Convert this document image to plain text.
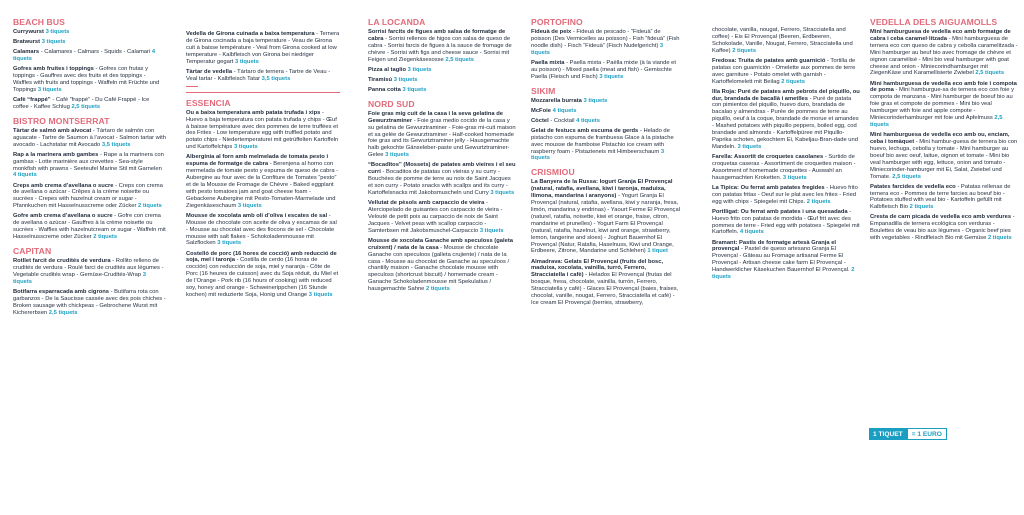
BEACH BUS
Currywurst 3 tiquets
Bratwurst 3 tiquets
Calamars - Calamares - Calmars - Squids - Calamari 4 tiquets
Gofres amb fruites i toppings - Gofres con frutas y toppings - Gauffres avec des fruits et des toppings - Waffles with fruits and toppings - Waffeln mit Früchte und Toppings 3 tiquets
Cafè “frappé” - Café “frappé” - Du Café Frappé - Ice coffee - Kaffee Schlug 2,5 tiquets
BISTRO MONTSERRAT
Tàrtar de salmó amb alvocat - Tártaro de salmón con aguacate - Tartre de Saumon à l’avocat - Salmon tartar with avocado - Lachstatar mit Avocado 3,5 tiquets
Rap a la marinera amb gambes - Rape a la marinera con gambas - Lotte marinière aux crevettes - Sea-style monkfish with prawns - Seeteufel Marine Stil mit Garnelen 4 tiquets
Creps amb crema d’avellana o sucre - Creps con crema de avellana o azúcar - Crêpes à la crème noisette ou sucrées - Crepes with hazelnut cream or sugar - Pfannkuchen mit Hasselnusscreme oder Zücker 2 tiquets
Gofre amb crema d’avellana o sucre - Gofre con crema de avellana o azúcar - Gauffres à la crème noisette ou sucrées - Waffles with hazelnutcream or sugar - Waffeln mit Hasselnusscreme oder Zücker 2 tiquets
CAPITAN
Rotllet farcit de crudités de verdura - Rollito relleno de crudités de verdura - Roulé farci de crudités aux légumes - Vegetable crudités wrap - Gemüse-Crudités-Wrap 3 tiquets
Botifarra esparracada amb cigrons - Butifarra rota con garbanzos - De la Saucisse cassée avec des pois chiches - Broken sausage with chickpeas - Gebrochene Wurst mit Kichererbsen 2,5 tiquets
Vedella de Girona cuinada a baixa temperatura - Ternera de Girona cocinada a baja temperature - Veau de Girona cuit à baisse température - Veal from Girona cooked at low temperature - Kalbfleisch von Girona bei niedriger Temperatur gegart 3 tiquets
Tàrtar de vedella - Tártaro de ternera - Tartre de Veau - Veal tartar - Kalbfleisch Tatar 3,5 tiquets
ESSENCIA
Ou a baixa temperatura amb patata trufada i xips - Huevo a baja temperatura con patata trufada y chips - Œuf à baisse température avec des pommes de terre truffées et des Frites - Low temperature egg with truffled potato and potato chips - Niedertemperaturei mit getrüffelten Kartoffeln und Kartoffelchips 3 tiquets
Albergínia al forn amb melmelada de tomata pesto i espuma de formatge de cabra - Berenjena al horno con mermelada de tomate pesto y espuma de queso de cabra - Aubergine au four avec de la Confiture de Tomates “pesto” et de la Mousse de Fromage de Chèvre - Baked eggplant with pesto tomatoes jam and goat cheese foam - Gebackene Aubergine mit Pesto-Tomaten-Marmelade und Ziegenkäseschaum 3 tiquets
Mousse de xocolata amb oli d’oliva i escates de sal - Mousse de chocolate con aceite de oliva y escamas de sal - Mousse au chocolat avec des flocons de sel - Chocolate mousse with salt flakes - Schokoladenmousse mit Salzflocken 3 tiquets
Costelló de porc (16 hores de cocció) amb reducció de soja, mel i taronja - Costilla de cerdo (16 horas de cocción) con reducción de soja, miel y naranja - Côte de Porc (16 heures de cuisson) avec du Soja réduit, du Miel et de l’Orange - Pork rib (16 hours of cooking) with reduced soy, honey and orange - Schweinerippchen (16 Stunde kochen) mit reduzierte Soja, Honig und Orange 3 tiquets
LA LOCANDA
Sorrisi farcits de figues amb salsa de formatge de cabra - Sorrisi rellenos de higos con salsa de queso de cabra - Sorrisi farcis de figues à la sauce de fromage de chèvre - Sorrisi with figs and cheese sauce - Sorrisi mit Feigen und Ziegenkäsesosse 2,5 tiquets
Pizza al taglio 3 tiquets
Tiramisú 3 tiquets
Panna cotta 3 tiquets
NORD SUD
Foie gras mig cuit de la casa i la seva gelatina de Gewurztraminer - Foie gras medio cocido de la casa y su gelatina de Gewurztraminer - Foie-gras mi-cuit maison et sa gelée de Gewurztraminer - Half-cooked homemade foie gras and its Gewurtztraminer jelly - Hausgemachte halb gekochte Gänseleber-paste und Gewurtztraminer-Gelee 3 tiquets
“Bocadītos” (Mossets) de patates amb vieires i el seu curri - Bocaditos de patatas con vieiras y su curry - Bouchées de pomme de terre au noix de Saint Jacques et son curry - Potato snacks with scallps and its curry - Kartoffelsnacks mit Jakobsmuscheln und Curry 3 tiquets
Vellutat de pèsols amb carpaccio de vieira - Aterciopelado de guisantes con carpaccio de vieira - Velouté de petit pois au carpaccio de noix de Saint Jacques - Velvet peas with scallop carpaccio - Samterbsen mit Jakobsmuschel-Carpaccio 3 tiquets
Mousse de xocolata Ganache amb speculoss (galeta cruixent) / nata de la casa - Mousse de chocolate Ganache con speculoos (galleta crujiente) / nata de la casa - Mousse au chocolat de Ganache au speculoos / chantilly maison - Ganache chocolate mousse with speculoss (shortcrust biscuit) / homemade cream - Ganache Schokoladenmousse mit Spekulatius / hausgemachte Sahne 2 tiquets
PORTOFINO
Fideuà de peix - Fideuá de pescado - “Fideuà” de poisson (Des Vermicelles au poisson) - Fish “fideuà” (Fish noodle dish) - Fisch “Fideuà” (Fisch Nudelgericht) 3 tiquets
Paella mixta - Paella mixta - Paëlla mixte (à la viande et au poisson) - Mixed paella (meat and fish) - Gemischte Paella (Fleisch und Fisch) 3 tiquets
SIKIM
Mozzarella burrata 3 tiquets
McFoie 4 tiquets
Còctel - Cocktail 4 tiquets
Gelat de festucs amb escuma de gerds - Helado de pistacho con espuma de frambuesa Glace à la pistache avec mousse de framboise Pistachio ice cream with raspberry foam - Pistazieneis mit Himbeerschaum 3 tiquets
CRISMIOU
La Banyera de la Russa: Iogurt Granja El Provençal (natural, ratafia, avellana, kiwi i taronja, maduixa, llimona, mandarina i aranyons) - Yogurt Granja El Provençal (natural, ratafia, avellana, kiwi y naranja, fresa, limón, mandarina y endrinas) - Yaourt Ferme El Provençal (naturel, ratafia, noisette, kiwi et orange, fraise, citron, mandarine et prunelles) - Yogurt Farm El Provençal (natural, ratafia, hazelnut, kiwi and orange, strawberry, lemon, tangerine and sloes) - Joghurt Bauernhof El Provençal (Natur, Ratafia, Haselnuss, Kiwi und Orange, Erdbeere, Zitrone, Mandarine und Schlehen) 1 tiquet
Almadrava: Gelats El Provençal (fruits del bosc, maduixa, xocolata, vainilla, turró, Ferrero, Stracciatella i cafè) - Helados El Provençal (frutas del bosque, fresa, chocolate, vainilla, turrón, Ferrero, Stracciatella y café) - Glaces El Provençal (baies, fraises, chocolat, vanille, nougat, Ferrero, Stracciatella et café) - Ice cream El Provençal (berries, strawberry,
chocolate, vanilla, nougat, Ferrero, Stracciatella and coffee) - Eis El Provençal (Beeren, Erdbeeren, Schokolade, Vanille, Nougat, Ferrero, Stracciatella und Kaffee) 2 tiquets
Fredosa: Truita de patates amb guarnició - Tortilla de patatas con guarnición - Omelette aux pommes de terre avec garniture - Potato omelet with garnish - Kartoffelomelett mit Beilag 2 tiquets
Illa Roja: Puré de patates amb pebrots del piquillo, ou dur, brandada de bacallà i ametlles - Puré de patata con pimientos del piquillo, huevo duro, brandada de bacalao y almendras - Purée de pommes de terre au piquillo, oeuf à la coque, brandade de morue et amandes - Mashed potatoes with piquillo peppers, boiled egg, cod brandade and almonds - Kartoffelpüree mit Piquillo-Paprika schoten, gekochtem Ei, Kabeljau-Bran-dade und Mandeln. 3 tiquets
Farella: Assortit de croquetes casolanes - Surtido de croquetas caseras - Assortiment de croquettes maison - Assortment of homemade croquettes - Auswahl an hausgemachten Kroketten. 3 tiquets
La Tipica: Ou ferrat amb patates fregides - Huevo frito con patatas fritas - Oeuf sur le plat avec les frites - Fried egg with chips - Spiegelei mit Chips. 2 tiquets
Portlligat: Ou ferrat amb patates i una quesadada - Huevo frito con patatas de mordida - Œuf frit avec des pommes de terre - Fried egg with potatoes - Spiegelei mit Kartoffeln. 4 tiquets
Bramant: Pastís de formatge artesà Granja el provençal - Pastel de queso artesano Granja El Provençal - Gâteau au Fromage artisanal Ferme El Provençal - Artisan cheese cake farm El Provençal - Handwerklicher Käsekuchen Bauernhof El Provençal. 2 tiquets
VEDELLA DELS AIGUAMOLLS
Mini hamburguesa de vedella eco amb formatge de cabra i ceba caramel·litzada - Mini hamburguesa de ternera eco con queso de cabra y cebolla caramelitzada - Mini hamburger au beuf bio avec fromage de chèvre et oignon caramélisé - Mini bio veal hamburger with goat cheese and onion - Miniecorindhamburger mit ZiegenKäse und Karamellisierte Zwiebel 2,5 tiquets
Mini hamburguesa de vedella eco amb foie i compota de poma - Mini hamburgue-sa de ternera eco con foie y compota de manzana - Mini hamburger de boeuf bio au foie gras et compote de pommes - Mini bio veal hamburger with foie and apple compote - Miniecorinderhamburger mit foie und Apfelmuss 2,5 tiquets
Mini hamburguesa de vedella eco amb ou, enciam, ceba i tomàquet - Mini hambur-guesa de ternera bio con huevo, lechuga, cebolla y tomate - Mini hamburger au boeuf bio avec oeuf, laitue, oignon et tomate - Mini bio veal hamburger with egg, lettuce, onion and tomato - Miniecorinder-hamburger mit Ei, Salat, Zwiebel und Tomate. 2,5 tiquets
Patates farcides de vedella eco - Patatas rellenas de ternera eco - Pommes de terre farcies au boeuf bio - Potatoes stuffed with veal bio - Kartoffeln gefüllt mit Kalbfleisch Bio 2 tiquets
Cresta de carn picada de vedella eco amb verdures - Empanadilla de ternera ecológica con verduras - Boulettes de veau bio aux légumes - Organic beef pies with vegetables - Rindfleisch Bio mit Gemüse 2 tiquets
1 TIQUET	= 1 EURO
